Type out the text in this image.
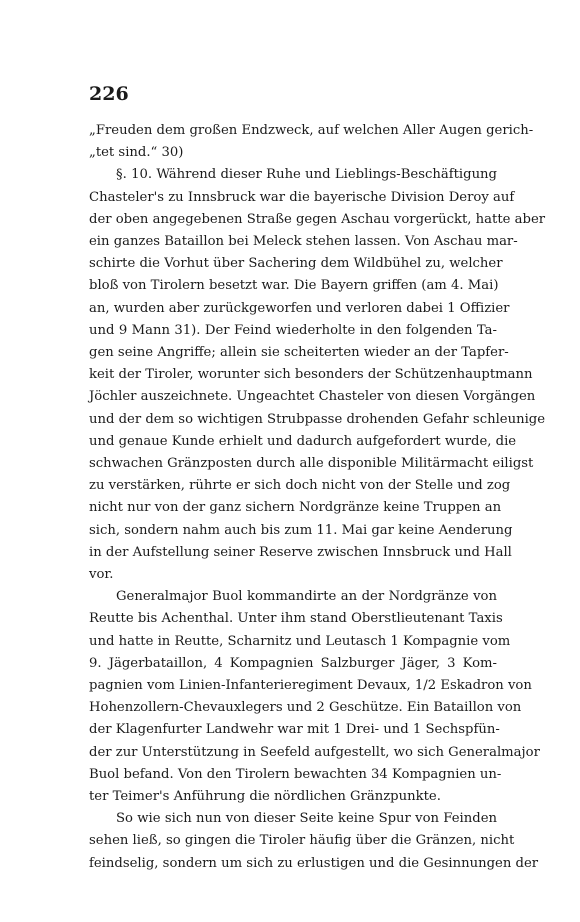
226
„Freuden dem großen Endzweck, auf welchen Aller Augen gerich-
„tet sind.“ 30)
§. 10. Während dieser Ruhe und Lieblings-Beschäftigung
Chasteler's zu Innsbruck war die bayerische Division Deroy auf
der oben angegebenen Straße gegen Aschau vorgerückt, hatte aber
ein ganzes Bataillon bei Meleck stehen lassen. Von Aschau mar-
schirte die Vorhut über Sachering dem Wildbühel zu, welcher
bloß von Tirolern besetzt war. Die Bayern griffen (am 4. Mai)
an, wurden aber zurückgeworfen und verloren dabei 1 Offizier
und 9 Mann 31). Der Feind wiederholte in den folgenden Ta-
gen seine Angriffe; allein sie scheiterten wieder an der Tapfer-
keit der Tiroler, worunter sich besonders der Schützenhauptmann
Jöchler auszeichnete. Ungeachtet Chasteler von diesen Vorgängen
und der dem so wichtigen Strubpasse drohenden Gefahr schleunige
und genaue Kunde erhielt und dadurch aufgefordert wurde, die
schwachen Gränzposten durch alle disponible Militärmacht eiligst
zu verstärken, rührte er sich doch nicht von der Stelle und zog
nicht nur von der ganz sichern Nordgränze keine Truppen an
sich, sondern nahm auch bis zum 11. Mai gar keine Aenderung
in der Aufstellung seiner Reserve zwischen Innsbruck und Hall
vor.
Generalmajor Buol kommandirte an der Nordgränze von
Reutte bis Achenthal. Unter ihm stand Oberstlieutenant Taxis
und hatte in Reutte, Scharnitz und Leutasch 1 Kompagnie vom
9. Jägerbataillon, 4 Kompagnien Salzburger Jäger, 3 Kom-
pagnien vom Linien-Infanterieregiment Devaux, 1/2 Eskadron von
Hohenzollern-Chevauxlegers und 2 Geschütze. Ein Bataillon von
der Klagenfurter Landwehr war mit 1 Drei- und 1 Sechspfün-
der zur Unterstützung in Seefeld aufgestellt, wo sich Generalmajor
Buol befand. Von den Tirolern bewachten 34 Kompagnien un-
ter Teimer's Anführung die nördlichen Gränzpunkte.
So wie sich nun von dieser Seite keine Spur von Feinden
sehen ließ, so gingen die Tiroler häufig über die Gränzen, nicht
feindselig, sondern um sich zu erlustigen und die Gesinnungen der
